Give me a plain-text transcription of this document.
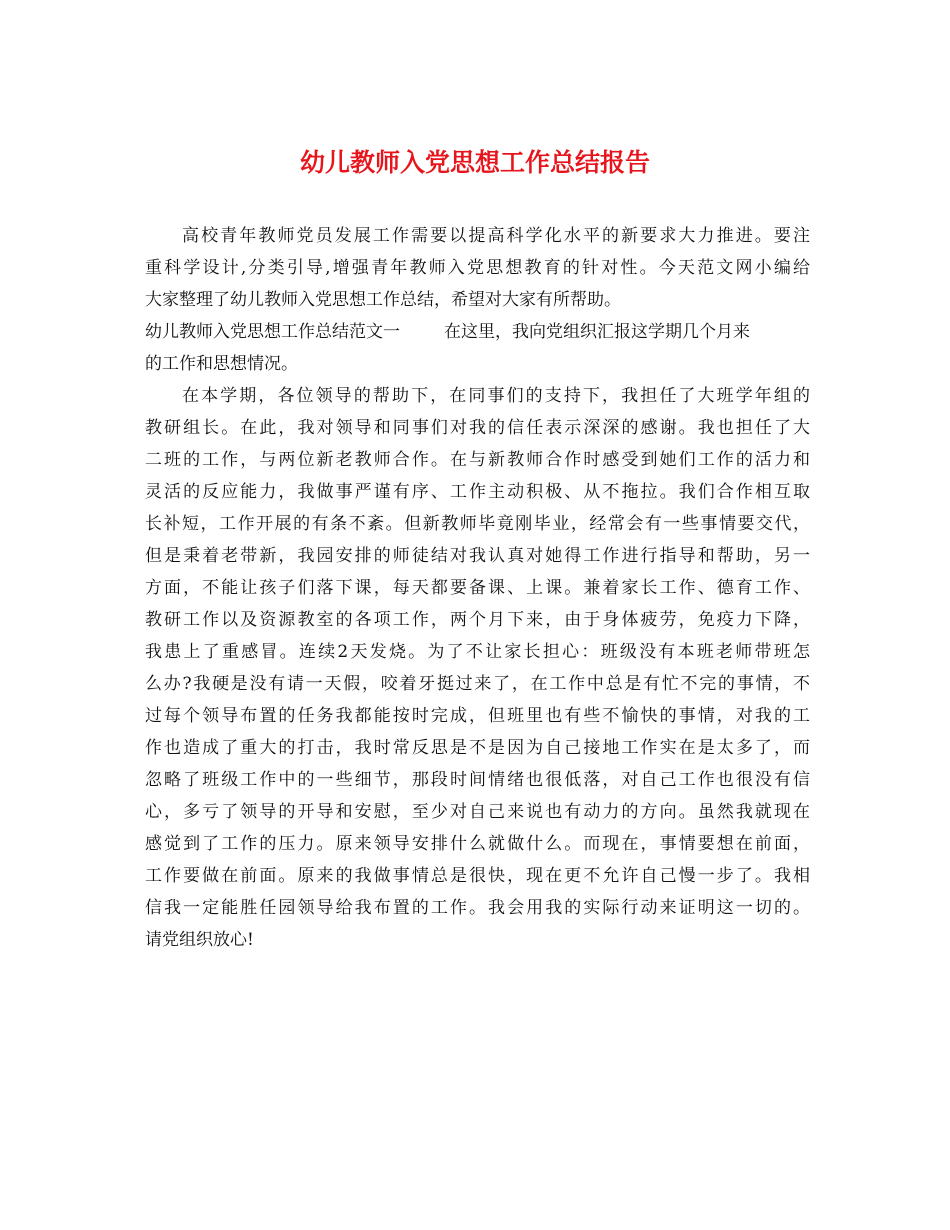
幼儿教师入党思想工作总结报告
高校青年教师党员发展工作需要以提高科学化水平的新要求大力推进。要注
重科学设计,分类引导,增强青年教师入党思想教育的针对性。今天范文网小编给
大家整理了幼儿教师入党思想工作总结，希望对大家有所帮助。
幼儿教师入党思想工作总结范文一	在这里，我向党组织汇报这学期几个月来
的工作和思想情况。
在本学期，各位领导的帮助下，在同事们的支持下，我担任了大班学年组的
教研组长。在此，我对领导和同事们对我的信任表示深深的感谢。我也担任了大
二班的工作，与两位新老教师合作。在与新教师合作时感受到她们工作的活力和
灵活的反应能力，我做事严谨有序、工作主动积极、从不拖拉。我们合作相互取
长补短，工作开展的有条不紊。但新教师毕竟刚毕业，经常会有一些事情要交代，
但是秉着老带新，我园安排的师徒结对我认真对她得工作进行指导和帮助，另一
方面，不能让孩子们落下课，每天都要备课、上课。兼着家长工作、德育工作、
教研工作以及资源教室的各项工作，两个月下来，由于身体疲劳，免疫力下降，
我患上了重感冒。连续2天发烧。为了不让家长担心：班级没有本班老师带班怎
么办?我硬是没有请一天假，咬着牙挺过来了，在工作中总是有忙不完的事情，不
过每个领导布置的任务我都能按时完成，但班里也有些不愉快的事情，对我的工
作也造成了重大的打击，我时常反思是不是因为自己接地工作实在是太多了，而
忽略了班级工作中的一些细节，那段时间情绪也很低落，对自己工作也很没有信
心，多亏了领导的开导和安慰，至少对自己来说也有动力的方向。虽然我就现在
感觉到了工作的压力。原来领导安排什么就做什么。而现在，事情要想在前面，
工作要做在前面。原来的我做事情总是很快，现在更不允许自己慢一步了。我相
信我一定能胜任园领导给我布置的工作。我会用我的实际行动来证明这一切的。
请党组织放心!
